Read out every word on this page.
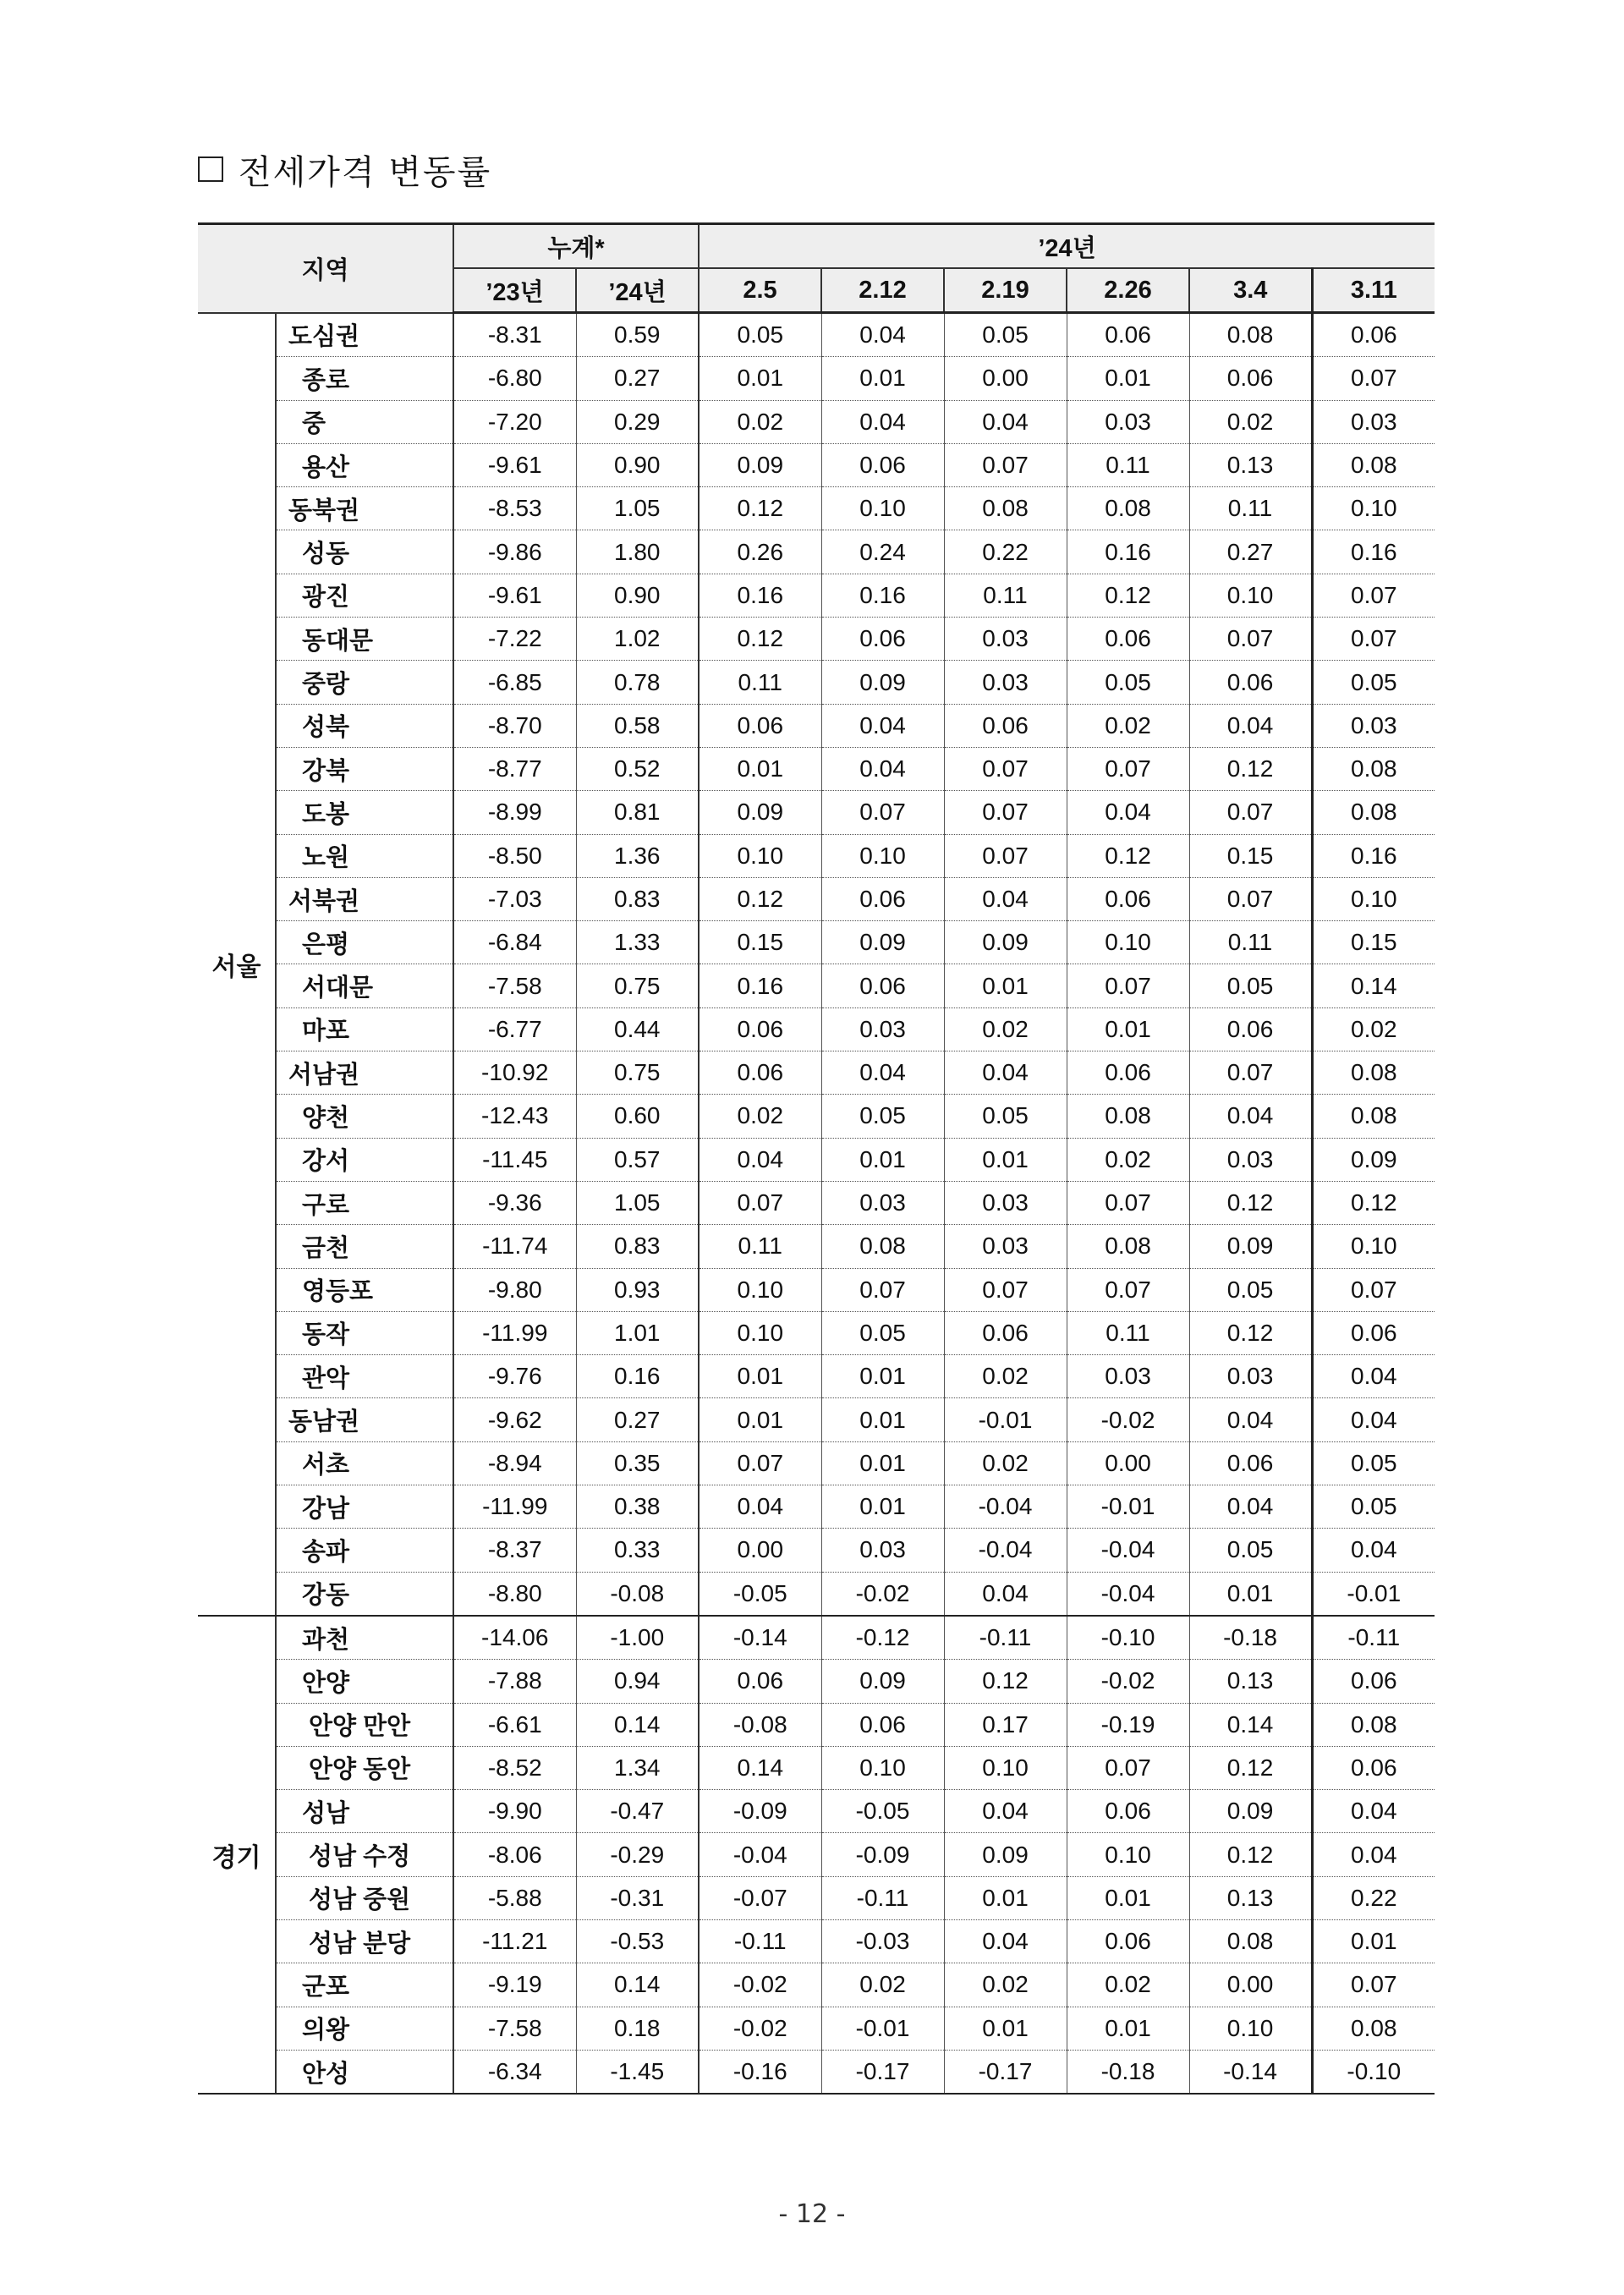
전세가격 변동률
지역		누계*		’24년					
		’23년	’24년	2.5	2.12	2.19	2.26	3.4	3.11
서울	도심권	-8.31	0.59	0.05	0.04	0.05	0.06	0.08	0.06
	종로	-6.80	0.27	0.01	0.01	0.00	0.01	0.06	0.07
	중	-7.20	0.29	0.02	0.04	0.04	0.03	0.02	0.03
	용산	-9.61	0.90	0.09	0.06	0.07	0.11	0.13	0.08
	동북권	-8.53	1.05	0.12	0.10	0.08	0.08	0.11	0.10
	성동	-9.86	1.80	0.26	0.24	0.22	0.16	0.27	0.16
	광진	-9.61	0.90	0.16	0.16	0.11	0.12	0.10	0.07
	동대문	-7.22	1.02	0.12	0.06	0.03	0.06	0.07	0.07
	중랑	-6.85	0.78	0.11	0.09	0.03	0.05	0.06	0.05
	성북	-8.70	0.58	0.06	0.04	0.06	0.02	0.04	0.03
	강북	-8.77	0.52	0.01	0.04	0.07	0.07	0.12	0.08
	도봉	-8.99	0.81	0.09	0.07	0.07	0.04	0.07	0.08
	노원	-8.50	1.36	0.10	0.10	0.07	0.12	0.15	0.16
	서북권	-7.03	0.83	0.12	0.06	0.04	0.06	0.07	0.10
	은평	-6.84	1.33	0.15	0.09	0.09	0.10	0.11	0.15
	서대문	-7.58	0.75	0.16	0.06	0.01	0.07	0.05	0.14
	마포	-6.77	0.44	0.06	0.03	0.02	0.01	0.06	0.02
	서남권	-10.92	0.75	0.06	0.04	0.04	0.06	0.07	0.08
	양천	-12.43	0.60	0.02	0.05	0.05	0.08	0.04	0.08
	강서	-11.45	0.57	0.04	0.01	0.01	0.02	0.03	0.09
	구로	-9.36	1.05	0.07	0.03	0.03	0.07	0.12	0.12
	금천	-11.74	0.83	0.11	0.08	0.03	0.08	0.09	0.10
	영등포	-9.80	0.93	0.10	0.07	0.07	0.07	0.05	0.07
	동작	-11.99	1.01	0.10	0.05	0.06	0.11	0.12	0.06
	관악	-9.76	0.16	0.01	0.01	0.02	0.03	0.03	0.04
	동남권	-9.62	0.27	0.01	0.01	-0.01	-0.02	0.04	0.04
	서초	-8.94	0.35	0.07	0.01	0.02	0.00	0.06	0.05
	강남	-11.99	0.38	0.04	0.01	-0.04	-0.01	0.04	0.05
	송파	-8.37	0.33	0.00	0.03	-0.04	-0.04	0.05	0.04
	강동	-8.80	-0.08	-0.05	-0.02	0.04	-0.04	0.01	-0.01
경기	과천	-14.06	-1.00	-0.14	-0.12	-0.11	-0.10	-0.18	-0.11
	안양	-7.88	0.94	0.06	0.09	0.12	-0.02	0.13	0.06
	안양 만안	-6.61	0.14	-0.08	0.06	0.17	-0.19	0.14	0.08
	안양 동안	-8.52	1.34	0.14	0.10	0.10	0.07	0.12	0.06
	성남	-9.90	-0.47	-0.09	-0.05	0.04	0.06	0.09	0.04
	성남 수정	-8.06	-0.29	-0.04	-0.09	0.09	0.10	0.12	0.04
	성남 중원	-5.88	-0.31	-0.07	-0.11	0.01	0.01	0.13	0.22
	성남 분당	-11.21	-0.53	-0.11	-0.03	0.04	0.06	0.08	0.01
	군포	-9.19	0.14	-0.02	0.02	0.02	0.02	0.00	0.07
	의왕	-7.58	0.18	-0.02	-0.01	0.01	0.01	0.10	0.08
	안성	-6.34	-1.45	-0.16	-0.17	-0.17	-0.18	-0.14	-0.10
- 12 -
